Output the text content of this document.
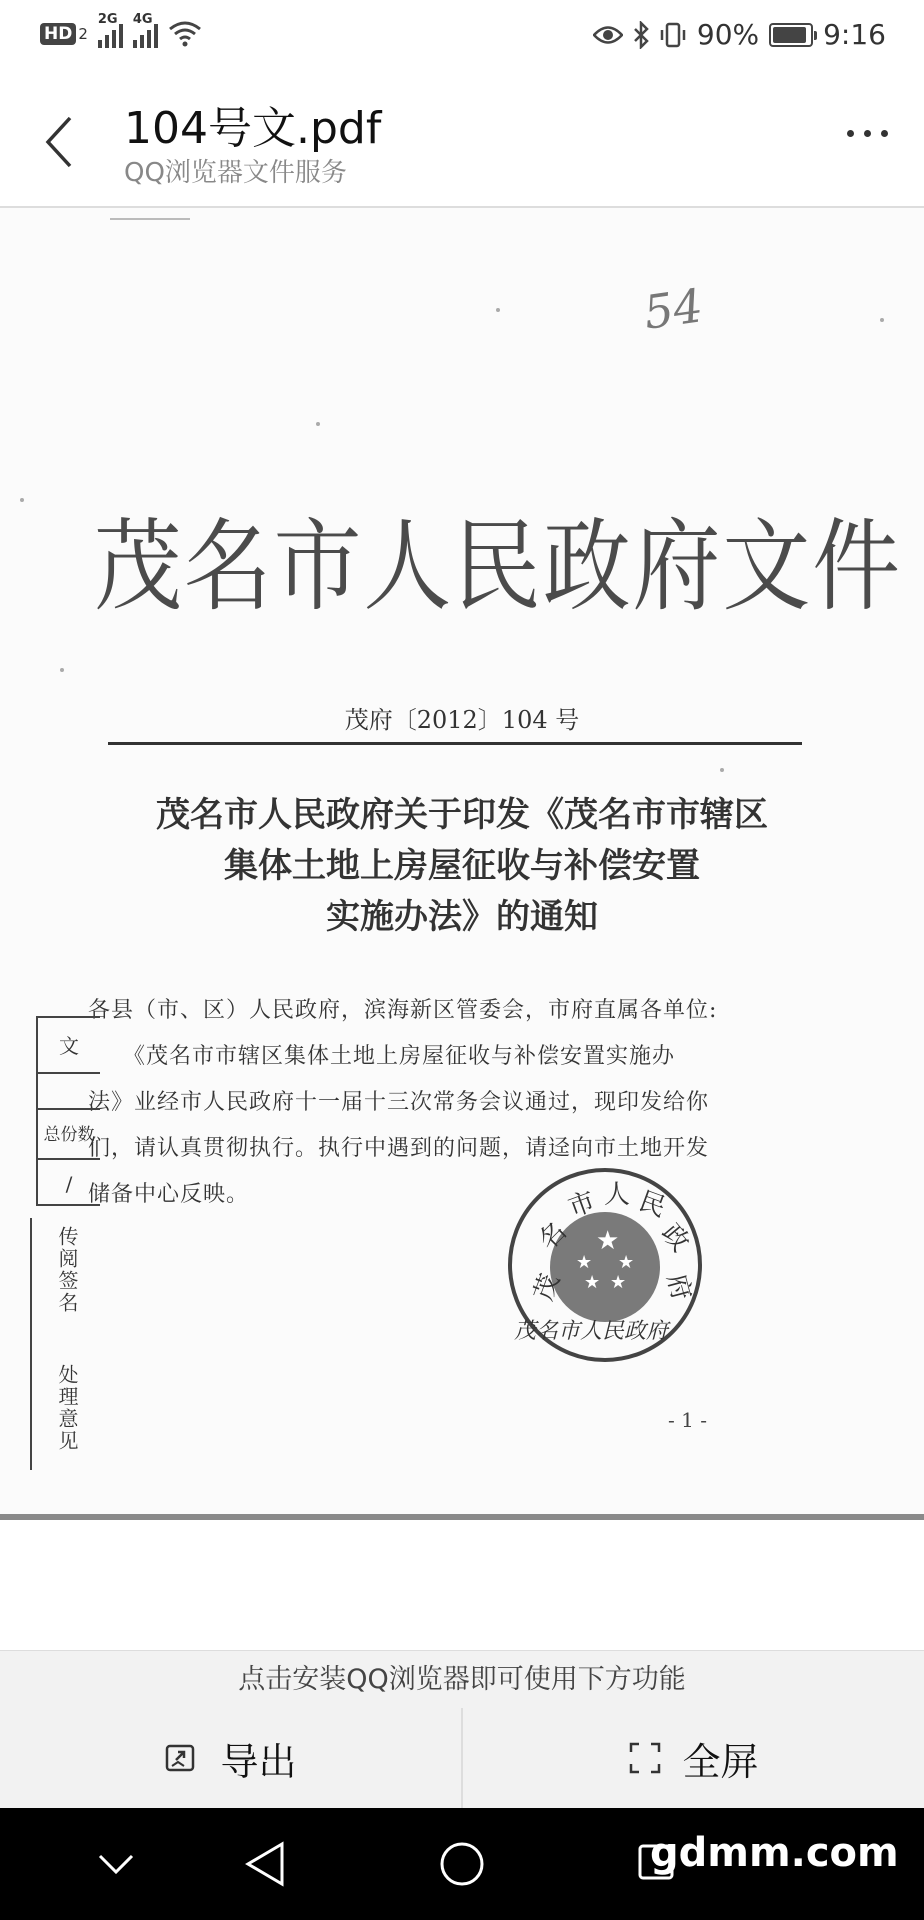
HD 2
2G 4G	90% 9:16
104号文.pdf
QQ浏览器文件服务
54
茂名市人民政府文件
茂府〔2012〕104 号
茂名市人民政府关于印发《茂名市市辖区
集体土地上房屋征收与补偿安置
实施办法》的通知

各县（市、区）人民政府，滨海新区管委会，市府直属各单位:

　　《茂名市市辖区集体土地上房屋征收与补偿安置实施办

法》业经市人民政府十一届十三次常务会议通过，现印发给你

们，请认真贯彻执行。执行中遇到的问题，请迳向市土地开发

储备中心反映。

文
总份数
/
传阅签名
处理意见
★
★ ★
★ ★
茂
名
市 人 民
政
府
茂名市人民政府
- 1 -
点击安装QQ浏览器即可使用下方功能
导出	全屏
gdmm.com
